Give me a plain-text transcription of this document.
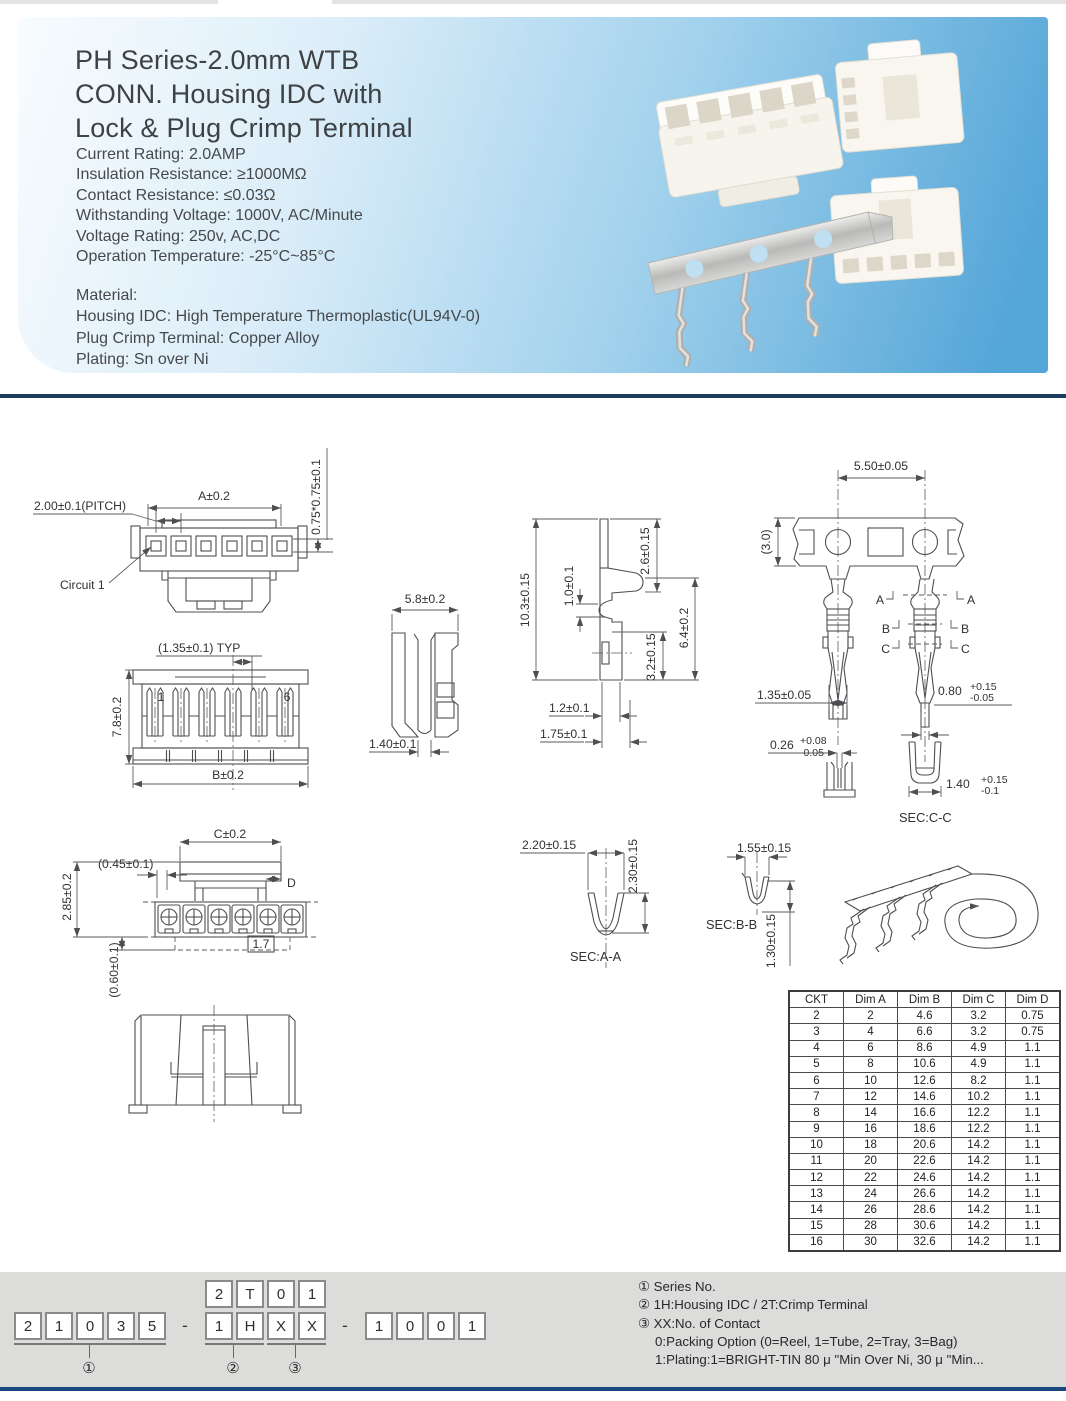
PH Series-2.0mm WTB
CONN. Housing IDC with
Lock & Plug Crimp Terminal
Current Rating: 2.0AMP
Insulation Resistance: ≥1000MΩ
Contact Resistance: ≤0.03Ω
Withstanding Voltage: 1000V, AC/Minute
Voltage Rating: 250v, AC,DC
Operation Temperature: -25°C~85°C
Material:
Housing IDC: High Temperature Thermoplastic(UL94V-0)
Plug Crimp Terminal: Copper Alloy
Plating: Sn over Ni
A±0.2
2.00±0.1(PITCH)	0.75*0.75±0.1
Circuit 1
(1.35±0.1) TYP
1	6
7.8±0.2
B±0.2
C±0.2
(0.45±0.1)
D
1.7
2.85±0.2
(0.60±0.1)
5.8±0.2
1.40±0.1
10.3±0.15
2.6±0.15
1.0±0.1
6.4±0.2
3.2±0.15
1.2±0.1
1.75±0.1
5.50±0.05
(3.0)
A	A
B	B
C	C
1.35±0.05	0.80 +0.15
-0.05
0.26 +0.08
-0.05
1.40 +0.15
-0.1
SEC:C-C
2.20±0.15	2.30±0.15
SEC:A-A
1.55±0.15
SEC:B-B 1.30±0.15
CKT	Dim A	Dim B	Dim C	Dim D
2	2	4.6	3.2	0.75
3	4	6.6	3.2	0.75
4	6	8.6	4.9	1.1
5	8	10.6	4.9	1.1
6	10	12.6	8.2	1.1
7	12	14.6	10.2	1.1
8	14	16.6	12.2	1.1
9	16	18.6	12.2	1.1
10	18	20.6	14.2	1.1
11	20	22.6	14.2	1.1
12	22	24.6	14.2	1.1
13	24	26.6	14.2	1.1
14	26	28.6	14.2	1.1
15	28	30.6	14.2	1.1
16	30	32.6	14.2	1.1
2	T	0	1
2	1	0	3	5	1	H	X	X	1	0	0	1
-	-
①	②	③
① Series No.
② 1H:Housing IDC / 2T:Crimp Terminal
③ XX:No. of Contact
0:Packing Option (0=Reel, 1=Tube, 2=Tray, 3=Bag)
1:Plating:1=BRIGHT-TIN 80 μ "Min Over Ni, 30 μ "Min...
